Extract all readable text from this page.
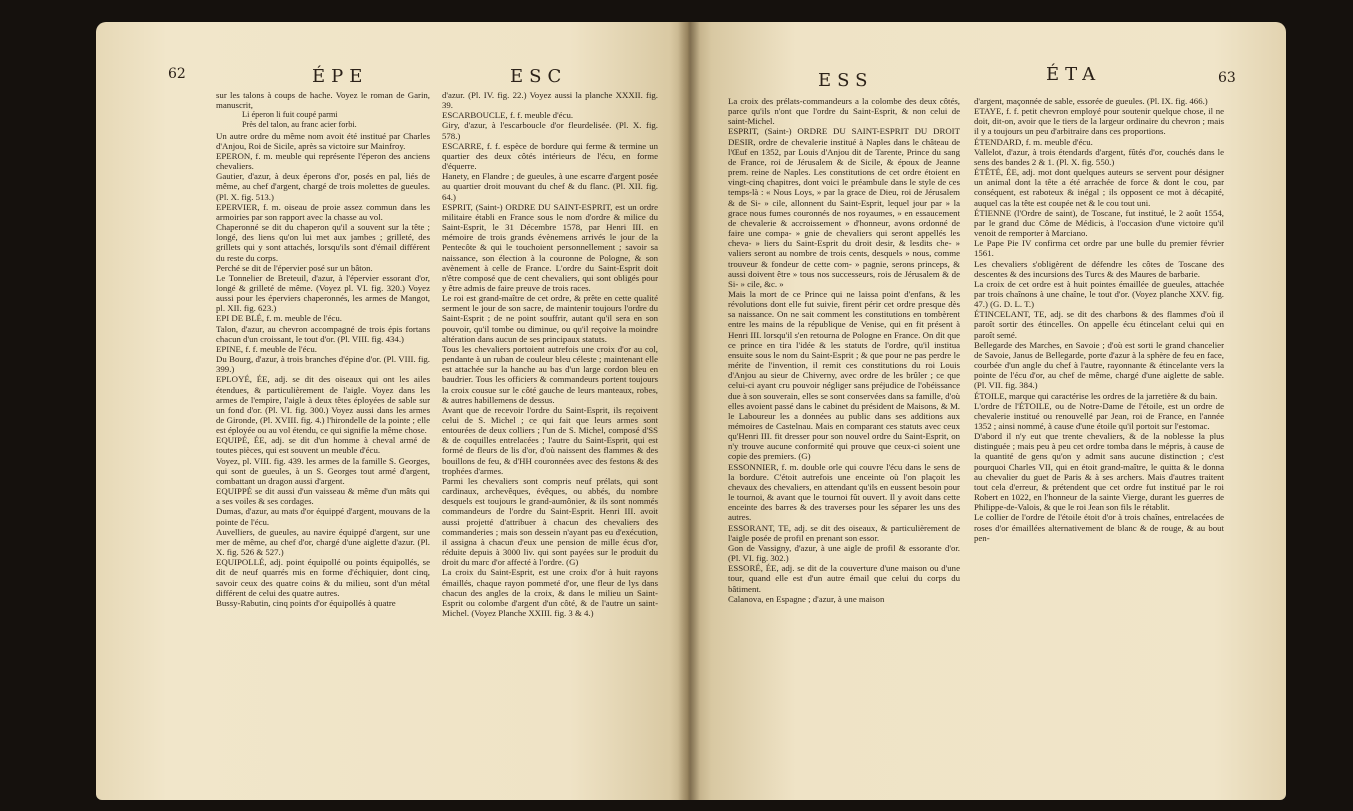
62	ÉPE	ESC

sur les talons à coups de hache. Voyez le roman de Garin, manuscrit,

Li éperon li fuit coupé parmi

Près del talon, au franc acier forbi.

Un autre ordre du même nom avoit été institué par Charles d'Anjou, Roi de Sicile, après sa victoire sur Mainfroy.

EPERON, f. m. meuble qui représente l'éperon des anciens chevaliers.

Gautier, d'azur, à deux éperons d'or, posés en pal, liés de même, au chef d'argent, chargé de trois molettes de gueules. (Pl. X. fig. 513.)

EPERVIER, f. m. oiseau de proie assez commun dans les armoiries par son rapport avec la chasse au vol.

Chaperonné se dit du chaperon qu'il a souvent sur la tête ; longé, des liens qu'on lui met aux jambes ; grilleté, des grillets qui y sont attachés, lorsqu'ils sont d'émail différent du reste du corps.

Perché se dit de l'épervier posé sur un bâton.

Le Tonnelier de Breteuil, d'azur, à l'épervier essorant d'or, longé & grilleté de même. (Voyez pl. VI. fig. 320.) Voyez aussi pour les éperviers chaperonnés, les armes de Mangot, pl. XII. fig. 623.)

EPI DE BLÉ, f. m. meuble de l'écu.

Talon, d'azur, au chevron accompagné de trois épis fortans chacun d'un croissant, le tout d'or. (Pl. VIII. fig. 434.)

EPINE, f. f. meuble de l'écu.

Du Bourg, d'azur, à trois branches d'épine d'or. (Pl. VIII. fig. 399.)

EPLOYÉ, ÉE, adj. se dit des oiseaux qui ont les ailes étendues, & particulièrement de l'aigle. Voyez dans les armes de l'empire, l'aigle à deux têtes éployées de sable sur un fond d'or. (Pl. VI. fig. 300.) Voyez aussi dans les armes de Gironde, (Pl. XVIII. fig. 4.) l'hirondelle de la pointe ; elle est éployée ou au vol étendu, ce qui signifie la même chose.

EQUIPÉ, ÉE, adj. se dit d'un homme à cheval armé de toutes pièces, qui est souvent un meuble d'écu.

Voyez, pl. VIII. fig. 439. les armes de la famille S. Georges, qui sont de gueules, à un S. Georges tout armé d'argent, combattant un dragon aussi d'argent.

EQUIPPÉ se dit aussi d'un vaisseau & même d'un mâts qui a ses voiles & ses cordages.

Dumas, d'azur, au mats d'or équippé d'argent, mouvans de la pointe de l'écu.

Auvelliers, de gueules, au navire équippé d'argent, sur une mer de même, au chef d'or, chargé d'une aiglette d'azur. (Pl. X. fig. 526 & 527.)

EQUIPOLLÉ, adj. point équipollé ou points équipollés, se dit de neuf quarrés mis en forme d'échiquier, dont cinq, savoir ceux des quatre coins & du milieu, sont d'un métal différent de celui des quatre autres.

Bussy-Rabutin, cinq points d'or équipollés à quatre

d'azur. (Pl. IV. fig. 22.) Voyez aussi la planche XXXII. fig. 39.

ESCARBOUCLE, f. f. meuble d'écu.

Giry, d'azur, à l'escarboucle d'or fleurdelisée. (Pl. X. fig. 578.)

ESCARRE, f. f. espèce de bordure qui ferme & termine un quartier des deux côtés intérieurs de l'écu, en forme d'équerre.

Hanety, en Flandre ; de gueules, à une escarre d'argent posée au quartier droit mouvant du chef & du flanc. (Pl. XII. fig. 64.)

ESPRIT, (Saint-) ORDRE DU SAINT-ESPRIT, est un ordre militaire établi en France sous le nom d'ordre & milice du Saint-Esprit, le 31 Décembre 1578, par Henri III. en mémoire de trois grands évènemens arrivés le jour de la Pentecôte & qui le touchoient personnellement ; savoir sa naissance, son élection à la couronne de Pologne, & son avènement à celle de France. L'ordre du Saint-Esprit doit n'être composé que de cent chevaliers, qui sont obligés pour y être admis de faire preuve de trois races.

Le roi est grand-maître de cet ordre, & prête en cette qualité serment le jour de son sacre, de maintenir toujours l'ordre du Saint-Esprit ; de ne point souffrir, autant qu'il sera en son pouvoir, qu'il tombe ou diminue, ou qu'il reçoive la moindre altération dans aucun de ses principaux statuts.

Tous les chevaliers portoient autrefois une croix d'or au col, pendante à un ruban de couleur bleu céleste ; maintenant elle est attachée sur la hanche au bas d'un large cordon bleu en baudrier. Tous les officiers & commandeurs portent toujours la croix cousue sur le côté gauche de leurs manteaux, robes, & autres habillemens de dessus.

Avant que de recevoir l'ordre du Saint-Esprit, ils reçoivent celui de S. Michel ; ce qui fait que leurs armes sont entourées de deux colliers ; l'un de S. Michel, composé d'SS & de coquilles entrelacées ; l'autre du Saint-Esprit, qui est formé de fleurs de lis d'or, d'où naissent des flammes & des bouillons de feu, & d'HH couronnées avec des festons & des trophées d'armes.

Parmi les chevaliers sont compris neuf prélats, qui sont cardinaux, archevêques, évêques, ou abbés, du nombre desquels est toujours le grand-aumônier, & ils sont nommés commandeurs de l'ordre du Saint-Esprit. Henri III. avoit aussi projetté d'attribuer à chacun des chevaliers des commanderies ; mais son dessein n'ayant pas eu d'exécution, il assigna à chacun d'eux une pension de mille écus d'or, réduite depuis à 3000 liv. qui sont payées sur le produit du droit du marc d'or affecté à l'ordre. (G)

La croix du Saint-Esprit, est une croix d'or à huit rayons émaillés, chaque rayon pommeté d'or, une fleur de lys dans chacun des angles de la croix, & dans le milieu un Saint-Esprit ou colombe d'argent d'un côté, & de l'autre un saint-Michel. (Voyez Planche XXIII. fig. 3 & 4.)

ESS	ÉTA	63

La croix des prélats-commandeurs a la colombe des deux côtés, parce qu'ils n'ont que l'ordre du Saint-Esprit, & non celui de saint-Michel.

ESPRIT, (Saint-) ORDRE DU SAINT-ESPRIT DU DROIT DESIR, ordre de chevalerie institué à Naples dans le château de l'Œuf en 1352, par Louis d'Anjou dit de Tarente, Prince du sang de France, roi de Jérusalem & de Sicile, & époux de Jeanne prem. reine de Naples. Les constitutions de cet ordre étoient en vingt-cinq chapitres, dont voici le préambule dans le style de ces temps-là : « Nous Loys, » par la grace de Dieu, roi de Jérusalem & de Si- » cile, allonnent du Saint-Esprit, lequel jour par » la grace nous fumes couronnés de nos royaumes, » en essaucement de chevalerie & accroissement » d'honneur, avons ordonné de faire une compa- » gnie de chevaliers qui seront appellés les cheva- » liers du Saint-Esprit du droit desir, & lesdits che- » valiers seront au nombre de trois cents, desquels » nous, comme trouveur & fondeur de cette com- » pagnie, serons princeps, & aussi doivent être » tous nos successeurs, rois de Jérusalem & de Si- » cile, &c. »

Mais la mort de ce Prince qui ne laissa point d'enfans, & les révolutions dont elle fut suivie, firent périr cet ordre presque dès sa naissance. On ne sait comment les constitutions en tombèrent entre les mains de la république de Venise, qui en fit présent à Henri III. lorsqu'il s'en retourna de Pologne en France. On dit que ce prince en tira l'idée & les statuts de l'ordre, qu'il institua ensuite sous le nom du Saint-Esprit ; & que pour ne pas perdre le mérite de l'invention, il remit ces constitutions du roi Louis d'Anjou au sieur de Chiverny, avec ordre de les brûler ; ce que celui-ci ayant cru pouvoir négliger sans préjudice de l'obéissance due à son souverain, elles se sont conservées dans sa famille, d'où elles avoient passé dans le cabinet du président de Maisons, & M. le Laboureur les a données au public dans ses additions aux mémoires de Castelnau. Mais en comparant ces statuts avec ceux qu'Henri III. fit dresser pour son nouvel ordre du Saint-Esprit, on n'y trouve aucune conformité qui prouve que ceux-ci soient une copie des premiers. (G)

ESSONNIER, f. m. double orle qui couvre l'écu dans le sens de la bordure. C'étoit autrefois une enceinte où l'on plaçoit les chevaux des chevaliers, en attendant qu'ils en eussent besoin pour le tournoi, & avant que le tournoi fût ouvert. Il y avoit dans cette enceinte des barres & des traverses pour les séparer les uns des autres.

ESSORANT, TE, adj. se dit des oiseaux, & particulièrement de l'aigle posée de profil en prenant son essor.

Gon de Vassigny, d'azur, à une aigle de profil & essorante d'or. (Pl. VI. fig. 302.)

ESSORÉ, ÉE, adj. se dit de la couverture d'une maison ou d'une tour, quand elle est d'un autre émail que celui du corps du bâtiment.

Calanova, en Espagne ; d'azur, à une maison

d'argent, maçonnée de sable, essorée de gueules. (Pl. IX. fig. 466.)

ETAYE, f. f. petit chevron employé pour soutenir quelque chose, il ne doit, dit-on, avoir que le tiers de la largeur ordinaire du chevron ; mais il y a toujours un peu d'arbitraire dans ces proportions.

ÉTENDARD, f. m. meuble d'écu.

Vallelot, d'azur, à trois étendards d'argent, fûtés d'or, couchés dans le sens des bandes 2 & 1. (Pl. X. fig. 550.)

ÉTÊTÉ, ÉE, adj. mot dont quelques auteurs se servent pour désigner un animal dont la tête a été arrachée de force & dont le cou, par conséquent, est raboteux & inégal ; ils opposent ce mot à décapité, auquel cas la tête est coupée net & le cou tout uni.

ÉTIENNE (l'Ordre de saint), de Toscane, fut institué, le 2 août 1554, par le grand duc Côme de Médicis, à l'occasion d'une victoire qu'il venoit de remporter à Marciano.

Le Pape Pie IV confirma cet ordre par une bulle du premier février 1561.

Les chevaliers s'obligèrent de défendre les côtes de Toscane des descentes & des incursions des Turcs & des Maures de barbarie.

La croix de cet ordre est à huit pointes émaillée de gueules, attachée par trois chaînons à une chaîne, le tout d'or. (Voyez planche XXV. fig. 47.) (G. D. L. T.)

ÉTINCELANT, TE, adj. se dit des charbons & des flammes d'où il paroît sortir des étincelles. On appelle écu étincelant celui qui en paroît semé.

Bellegarde des Marches, en Savoie ; d'où est sorti le grand chancelier de Savoie, Janus de Bellegarde, porte d'azur à la sphère de feu en face, courbée d'un angle du chef à l'autre, rayonnante & étincelante vers la pointe de l'écu d'or, au chef de même, chargé d'une aiglette de sable. (Pl. VII. fig. 384.)

ÉTOILE, marque qui caractérise les ordres de la jarretière & du bain.

L'ordre de l'ÉTOILE, ou de Notre-Dame de l'étoile, est un ordre de chevalerie institué ou renouvellé par Jean, roi de France, en l'année 1352 ; ainsi nommé, à cause d'une étoile qu'il portoit sur l'estomac.

D'abord il n'y eut que trente chevaliers, & de la noblesse la plus distinguée ; mais peu à peu cet ordre tomba dans le mépris, à cause de la quantité de gens qu'on y admit sans aucune distinction ; c'est pourquoi Charles VII, qui en étoit grand-maître, le quitta & le donna au chevalier du guet de Paris & à ses archers. Mais d'autres traitent tout cela d'erreur, & prétendent que cet ordre fut institué par le roi Robert en 1022, en l'honneur de la sainte Vierge, durant les guerres de Philippe-de-Valois, & que le roi Jean son fils le rétablit.

Le collier de l'ordre de l'étoile étoit d'or à trois chaînes, entrelacées de roses d'or émaillées alternativement de blanc & de rouge, & au bout pen-
